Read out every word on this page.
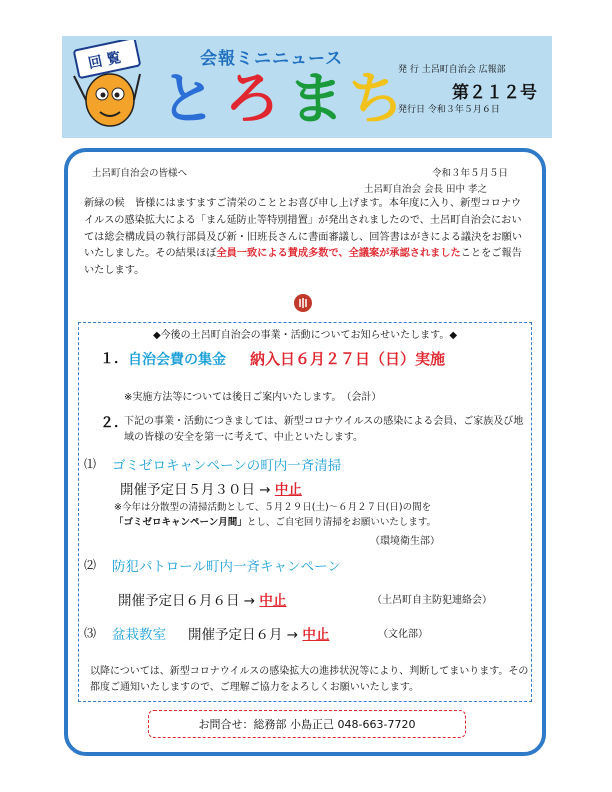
回 覧	会報ミニニュース
と ろ ま ち
発 行 土呂町自治会 広報部
第２１２号
発行日 令和３年５月６日
土呂町自治会の皆様へ	令和３年５月５日
土呂町自治会 会長 田中 孝之
新緑の候　皆様にはますますご清栄のこととお喜び申し上げます。本年度に入り、新型コロナウイルスの感染拡大による「まん延防止等特別措置」が発出されましたので、土呂町自治会においては総会構成員の執行部員及び新・旧班長さんに書面審議し、回答書はがきによる議決をお願いいたしました。その結果ほぼ全員一致による賛成多数で、全議案が承認されましたことをご報告いたします。
◆今後の土呂町自治会の事業・活動についてお知らせいたします。◆
１． 自治会費の集金 納入日６月２７日（日）実施
※実施方法等については後日ご案内いたします。　（会計）
２．
下記の事業・活動につきましては、新型コロナウイルスの感染による会員、ご家族及び地域の皆様の安全を第一に考えて、中止といたします。
⑴ ゴミゼロキャンペーンの町内一斉清掃
開催予定日５月３０日 → 中止
※今年は分散型の清掃活動として、５月２９日(土)～６月２７日(日)の間を
「ゴミゼロキャンペーン月間」とし、ご自宅回り清掃をお願いいたします。
（環境衛生部）
⑵ 防犯パトロール町内一斉キャンペーン
開催予定日６月６日 → 中止	（土呂町自主防犯連絡会）
⑶ 盆栽教室 開催予定日６月 → 中止	（文化部）
以降については、新型コロナウイルスの感染拡大の進捗状況等により、判断してまいります。その都度ご通知いたしますので、ご理解ご協力をよろしくお願いいたします。
お問合せ：総務部 小島正己 048-663-7720
